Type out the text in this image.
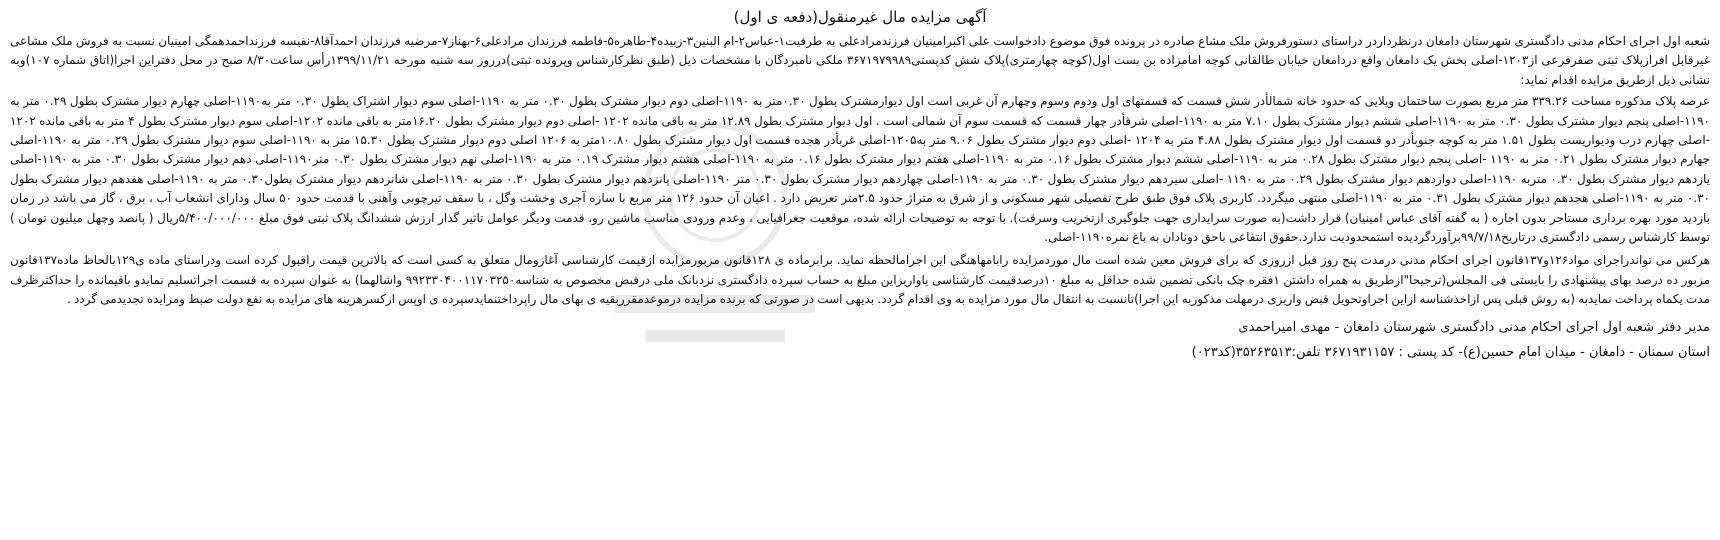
آگهی مزایده مال غیرمنقول(دفعه ی اول)

شعبه اول اجرای احکام مدنی دادگستری شهرستان دامغان درنظرداردر دراستای دستورفروش ملک مشاع صادره در پرونده فوق موضوع دادخواست علی اکبرامینیان فرزندمرادعلی به طرفیت۱-عباس۲-ام البنین۳-زبیده۴-طاهره۵-فاطمه فرزندان مرادعلی۶-بهناز۷-مرضیه فرزندان احمدآقا۸-نفیسه فرزنداحمدهمگی امینیان نسبت به فروش ملک مشاعی غیرقابل افرازپلاک ثبتی صفرفرعی از۱۲۰۳-اصلی بخش یک دامغان واقع دردامغان خیابان طالقانی کوچه امامزاده بن بست اول(کوچه چهارمتری)پلاک شش کدپستی۳۶۷۱۹۷۹۹۸۹ ملکی نامبردگان با مشخصات ذیل (طبق نظرکارشناس وپرونده ثبتی)درروز سه شنبه مورخه ۱۳۹۹/۱۱/۲۱رأس ساعت۸/۳۰ صبح در محل دفتراین اجرا(اتاق شماره ۱۰۷)وبه نشانی ذیل ازطریق مزایده اقدام نماید:

عرصه پلاک مذکوره مساحت ۳۳۹.۲۶ متر مربع بصورت ساختمان ویلایی که حدود خانه شمالأدر شش قسمت که قسمتهای اول ودوم وسوم وچهارم آن غربی است اول دیوارمشترک بطول ۰.۳۰متر به ۱۱۹۰-اصلی دوم دیوار مشترک بطول ۰.۳۰ متر به ۱۱۹۰-اصلی سوم دیوار اشتراک بطول ۰.۳۰ متر به۱۱۹۰-اصلی چهارم دیوار مشترک بطول ۰.۲۹ متر به ۱۱۹۰-اصلی پنجم دیوار مشترک بطول ۰.۳۰ متر به ۱۱۹۰-اصلی ششم دیوار مشترک بطول ۷.۱۰ متر به ۱۱۹۰-اصلی شرقأدر چهار قسمت که قسمت سوم آن شمالی است . اول دیوار مشترک بطول ۱۲.۸۹ متر به باقی مانده ۱۲۰۲ -اصلی دوم دیوار مشترک بطول ۱۶.۲۰متر به باقی مانده ۱۲۰۲-اصلی سوم دیوار مشترک بطول ۴ متر به باقی مانده ۱۲۰۲ -اصلی چهارم درب ودیواریست بطول ۱.۵۱ متر به کوچه جنوبأدر دو قسمت اول دیوار مشترک بطول ۴.۸۸ متر به ۱۲۰۴ -اصلی دوم دیوار مشترک بطول ۹.۰۶ متر به۱۲۰۵-اصلی غربأدر هجده قسمت اول دیوار مشترک بطول ۱۰.۸۰متر به ۱۲۰۶ اصلی دوم دیوار مشترک بطول ۱۵.۳۰ متر به ۱۱۹۰-اصلی سوم دیوار مشترک بطول ۰.۲۹ متر به ۱۱۹۰-اصلی چهارم دیوار مشترک بطول ۰.۲۱ متر به ۱۱۹۰ -اصلی پنجم دیوار مشترک بطول ۰.۲۸ متر به ۱۱۹۰-اصلی ششم دیوار مشترک بطول ۰.۱۶ متر به ۱۱۹۰-اصلی هفتم دیوار مشترک بطول ۰.۱۶ متر به ۱۱۹۰-اصلی هشتم دیوار مشترک ۰.۱۹ متر به ۱۱۹۰-اصلی نهم دیوار مشترک بطول ۰.۳۰ متر۱۱۹۰-اصلی دهم دیوار مشترک بطول ۰.۳۰ متر به ۱۱۹۰-اصلی یازدهم دیوار مشترک بطول ۰.۳۰ متربه ۱۱۹۰-اصلی دوازدهم دیوار مشترک بطول ۰.۲۹ متر به ۱۱۹۰ -اصلی سیزدهم دیوار مشترک بطول ۰.۳۰ متر به ۱۱۹۰-اصلی چهاردهم دیوار مشترک بطول ۰.۳۰ متر ۱۱۹۰-اصلی پانزدهم دیوار مشترک بطول ۰.۳۰ متر به ۱۱۹۰-اصلی شانزدهم دیوار مشترک بطول۰.۳۰ متر به ۱۱۹۰-اصلی هفدهم دیوار مشترک بطول ۰.۳۰ متر به ۱۱۹۰-اصلی هجدهم دیوار مشترک بطول ۰.۳۱ متر به ۱۱۹۰-اصلی منتهی میگردد. کاربری پلاک فوق طبق طرح تفصیلی شهر مسکونی و از شرق به متراژ حدود ۲.۵متر تعریض دارد . اعیان آن حدود ۱۲۶ متر مربع با سازه آجری وخشت وگل ، با سقف تیرچوبی وآهنی با قدمت حدود ۵۰ سال ودارای انشعاب آب ، برق ، گاز می باشد در زمان بازدید مورد بهره برداری مستاجر بدون اجاره ( به گفته آقای عباس امینیان) قرار داشت(به صورت سرایداری جهت جلوگیری ازتخریب وسرقت). با توجه به توضیحات ارائه شده، موقعیت جغرافیایی ، وعدم ورودی مناسب ماشین رو، قدمت ودیگر عوامل تاثیر گذار ارزش ششدانگ پلاک ثبتی فوق مبلغ ۵/۴۰۰/۰۰۰/۰۰۰ریال ( پانصد وچهل میلیون تومان ) توسط کارشناس رسمی دادگستری درتاریخ۹۹/۷/۱۸برآوردگردیده استمحدودیت ندارد.حقوق انتفاعی باحق دونادان به باغ نمره۱۱۹۰-اصلی.

هرکس می تواندراجرای مواد۱۲۶و۱۳۷قانون اجرای احکام مدنی درمدت پنج روز قبل ازروزی که برای فروش معین شده است مال موردمزایده رابامهاهنگی این اجرامالحظه نماید. برابرماده ی ۱۲۸قانون مزبورمزایده ازقیمت کارشناسی آغازومال متعلق به کسی است که بالاترین قیمت راقبول کرده است ودراستای ماده ی۱۲۹بالحاظ ماده۱۳۷قانون مزبور ده درصد بهای پیشنهادی را بایستی فی المجلس(ترجیحا"ازطریق به همراه داشتن ۱فقره چک بانکی تضمین شده حداقل به مبلغ ۱۰درصدقیمت کارشناسی یاواریزاین مبلغ به حساب سپرده دادگستری نزدبانک ملی درقبض مخصوص به شناسه۹۹۲۳۳۰۴۰۰۱۱۷۰۳۲۵۰ واشالهما) به عنوان سپرده به قسمت اجراتسلیم نمایدو باقیمانده را حداکثرظرف مدت یکماه پرداخت نمایدبه (به روش قبلی پس ازاخذشناسه ازاین اجراوتحویل قبض واریزی درمهلت مذکوربه این اجرا)تانسبت به انتقال مال مورد مزایده به وی اقدام گردد. بدیهی است در صورتی که برنده مزایده درموعدمقرربقیه ی بهای مال راپرداختنمایدسپرده ی اوپس ازکسرهزینه های مزایده به نفع دولت ضبط ومزایده تجدیدمی گردد .

مدیر دفتر شعبه اول اجرای احکام مدنی دادگستری شهرستان دامغان - مهدی امیراحمدی

استان سمنان - دامغان - میدان امام حسین(ع)- کد پستی : ۳۶۷۱۹۳۱۱۵۷ تلفن:۳۵۲۶۳۵۱۳(کد۰۲۳)
